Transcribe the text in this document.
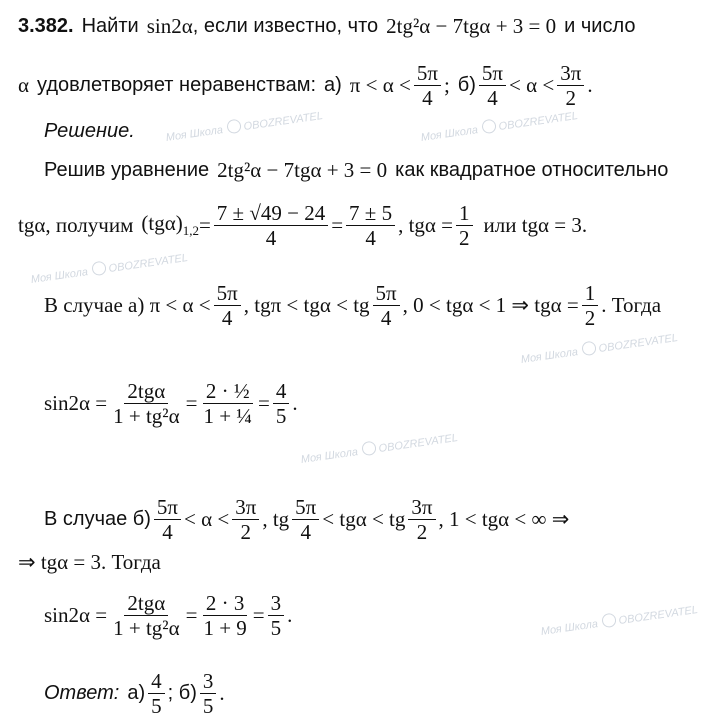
Моя ШколаOBOZREVATEL
Моя ШколаOBOZREVATEL
Моя ШколаOBOZREVATEL
Моя ШколаOBOZREVATEL
Моя ШколаOBOZREVATEL
Моя ШколаOBOZREVATEL
3.382. Найти sin2α , если известно, что 2tg²α − 7tgα + 3 = 0 и число
α удовлетворяет неравенствам: а) $\pi < \alpha < \frac{5\pi}{4}$ ; $б) \frac{5\pi}{4} < \alpha < \frac{3\pi}{2}$ .
Решение.
Решив уравнение 2tg²α − 7tgα + 3 = 0 как квадратное относительно
tgα, получим $(tg\alpha)_{1,2} = \frac{7 \pm √49 - 24}{4} = \frac{7 \pm 5}{4}$ , $tg\alpha = \frac{1}{2}$ или tgα = 3.
В случае а) $\pi < \alpha < \frac{5\pi}{4}$ , tgπ < tgα < tg $\frac{5\pi}{4}$ , 0 < tgα < 1 ⇒ $tg\alpha = \frac{1}{2}$ . Тогда
$\sin 2\alpha = \frac{\text{2tgα}}{\text{1 + tg²α}} = \frac{\text{2 · ½}}{\text{1 + ¼}} = \frac{4}{5}$ .
В случае $б) \frac{5\pi}{4} < \alpha < \frac{3\pi}{2}$ , tg $\frac{5\pi}{4} < tg\alpha$ < tg $\frac{3\pi}{2}$ , 1 < tgα < ∞ ⇒
⇒ tgα = 3. Тогда
$\sin 2\alpha = \frac{\text{2tgα}}{\text{1 + tg²α}} = \frac{2 \cdot 3}{1 + 9} = \frac{3}{5}$ .
Ответ: $а) \frac{4}{5}$ ; $б) \frac{3}{5}$ .
